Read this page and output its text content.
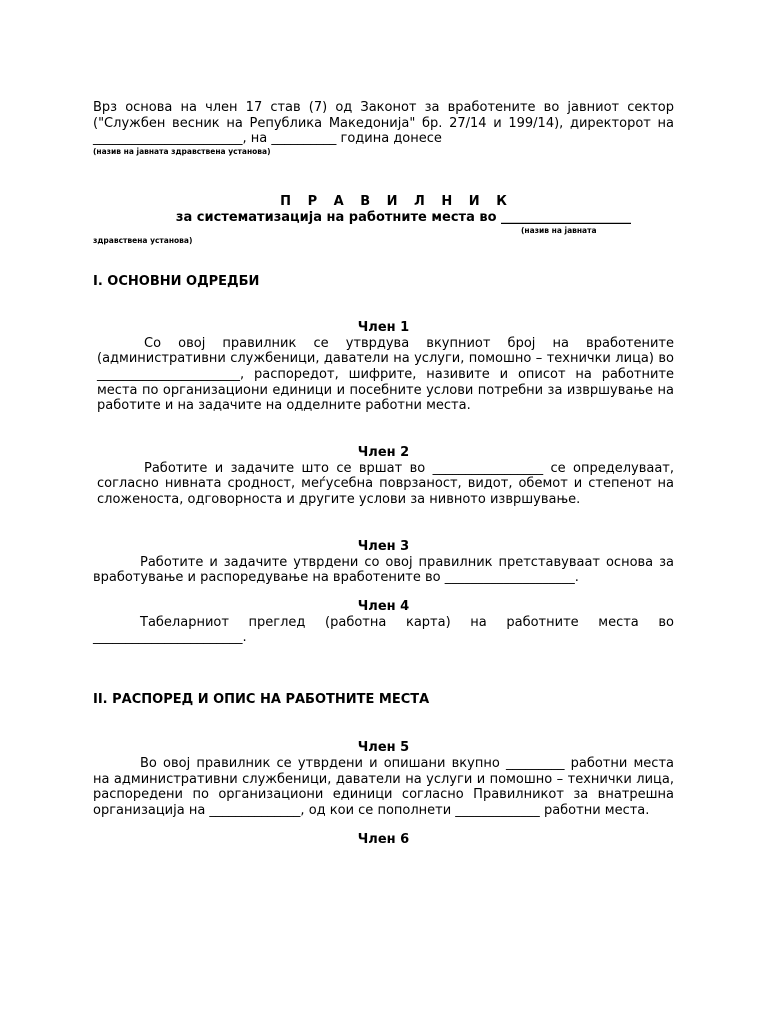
Врз основа на член 17 став (7) од Законот за вработените во јавниот сектор ("Службен весник на Република Македонија" бр. 27/14 и 199/14), директорот на _______________________, на __________ година донесе

(назив на јавната здравствена установа)

П Р А В И Л Н И К

за систематизација на работните места во ____________________

(назив на јавната

здравствена установа)

I. ОСНОВНИ ОДРЕДБИ

Член 1

Со овој правилник се утврдува вкупниот број на вработените (административни службеници, даватели на услуги, помошно – технички лица) во ______________________, распоредот, шифрите, називите и описот на работните места по организациони единици и посебните услови потребни за извршување на работите и на задачите на одделните работни места.

Член 2

Работите и задачите што се вршат во _________________ се определуваат, согласно нивната сродност, меѓусебна поврзаност, видот, обемот и степенот на сложеноста, одговорноста и другите услови за нивното извршување.

Член 3

Работите и задачите утврдени со овој правилник претставуваат основа за вработување и распоредување на вработените во ____________________.

Член 4

Табеларниот преглед (работна карта) на работните места во _______________________.

II. РАСПОРЕД И ОПИС НА РАБОТНИТЕ МЕСТА

Член 5

Во овој правилник се утврдени и опишани вкупно _________ работни места на административни службеници, даватели на услуги и помошно – технички лица, распоредени по организациони единици согласно Правилникот за внатрешна организација на ______________, од кои се пополнети _____________ работни места.

Член 6
